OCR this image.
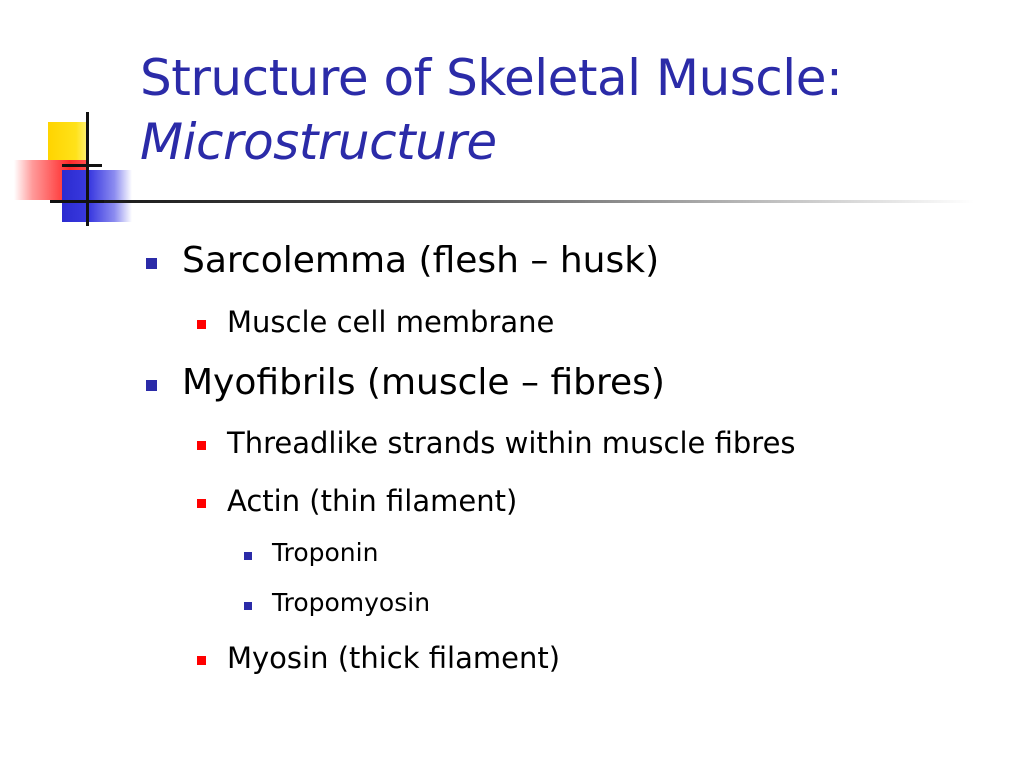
Structure of Skeletal Muscle:
Microstructure
Sarcolemma (flesh – husk)
Muscle cell membrane
Myofibrils (muscle – fibres)
Threadlike strands within muscle fibres
Actin (thin filament)
Troponin
Tropomyosin
Myosin (thick filament)
